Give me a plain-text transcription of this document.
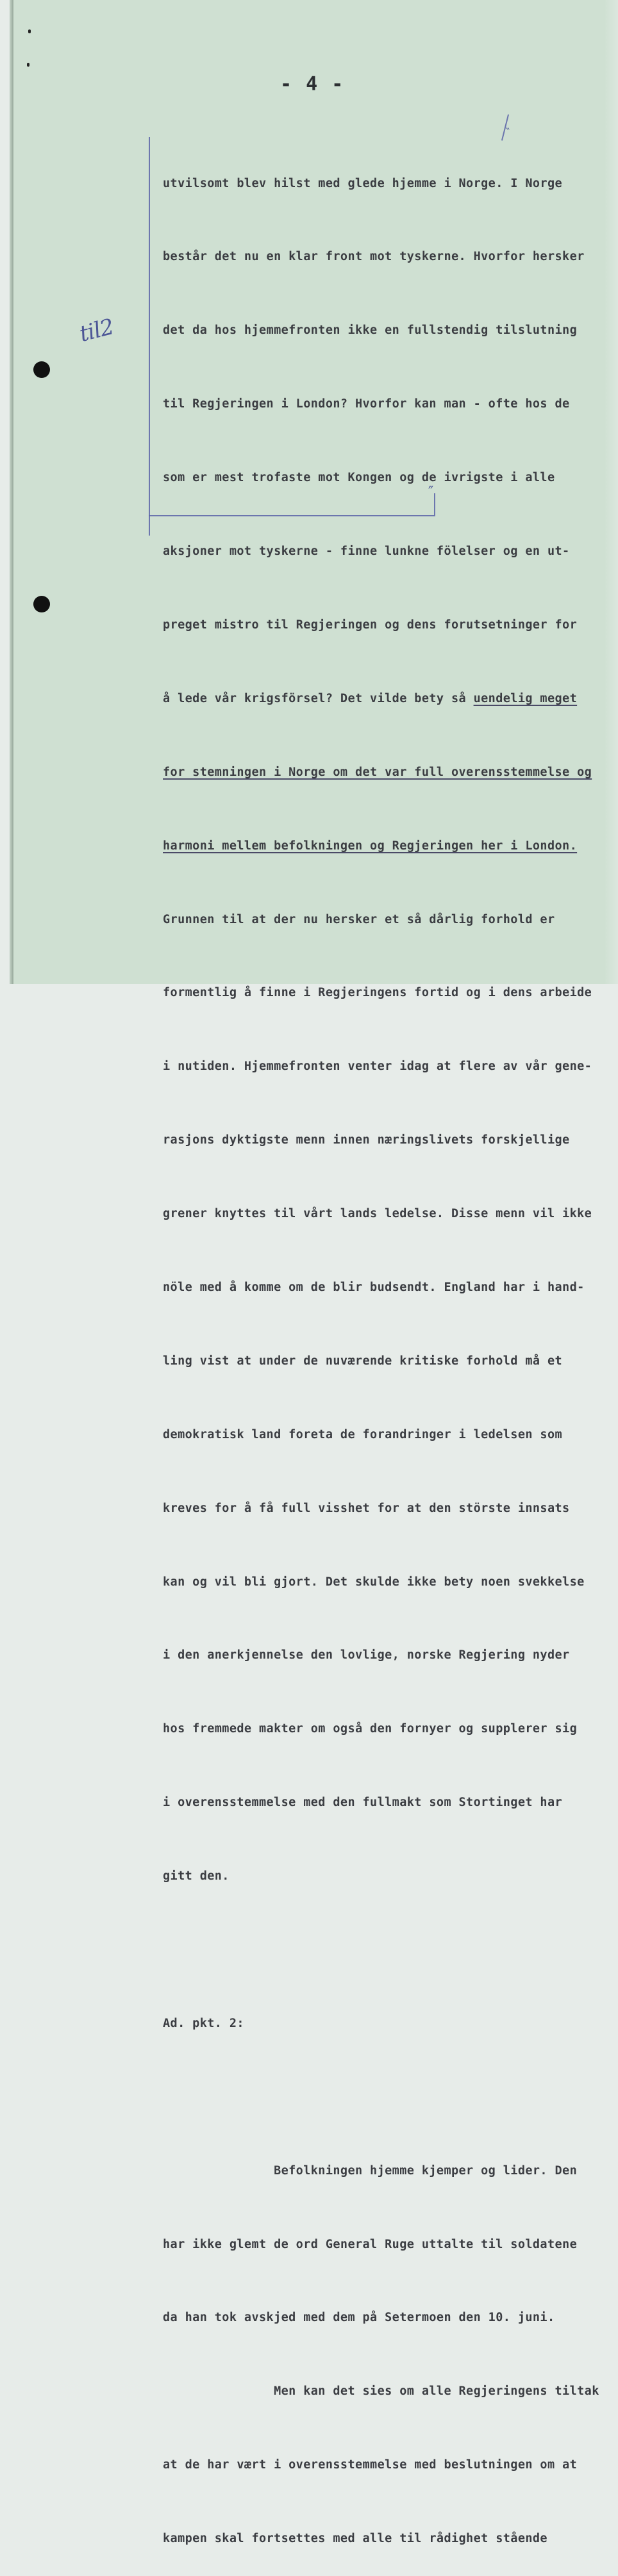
- 4 -

til2

″
‶

utvilsomt blev hilst med glede hjemme i Norge. I Norge

består det nu en klar front mot tyskerne. Hvorfor hersker

det da hos hjemmefronten ikke en fullstendig tilslutning

til Regjeringen i London? Hvorfor kan man - ofte hos de

som er mest trofaste mot Kongen og de ivrigste i alle

aksjoner mot tyskerne - finne lunkne fölelser og en ut-

preget mistro til Regjeringen og dens forutsetninger for

å lede vår krigsförsel? Det vilde bety så uendelig meget

for stemningen i Norge om det var full overensstemmelse og

harmoni mellem befolkningen og Regjeringen her i London.

Grunnen til at der nu hersker et så dårlig forhold er

formentlig å finne i Regjeringens fortid og i dens arbeide

i nutiden. Hjemmefronten venter idag at flere av vår gene-

rasjons dyktigste menn innen næringslivets forskjellige

grener knyttes til vårt lands ledelse. Disse menn vil ikke

nöle med å komme om de blir budsendt. England har i hand-

ling vist at under de nuværende kritiske forhold må et

demokratisk land foreta de forandringer i ledelsen som

kreves for å få full visshet for at den störste innsats

kan og vil bli gjort. Det skulde ikke bety noen svekkelse

i den anerkjennelse den lovlige, norske Regjering nyder

hos fremmede makter om også den fornyer og supplerer sig

i overensstemmelse med den fullmakt som Stortinget har

gitt den.

Ad. pkt. 2:

Befolkningen hjemme kjemper og lider. Den

har ikke glemt de ord General Ruge uttalte til soldatene

da han tok avskjed med dem på Setermoen den 10. juni.

Men kan det sies om alle Regjeringens tiltak

at de har vært i overensstemmelse med beslutningen om at

kampen skal fortsettes med alle til rådighet stående
